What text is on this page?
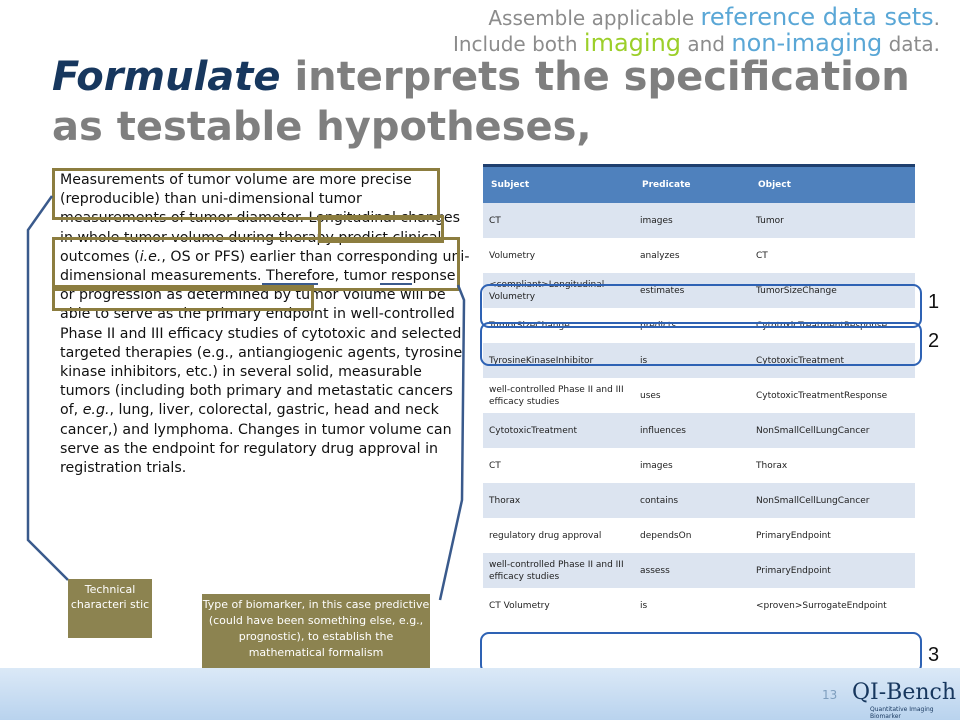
Assemble applicable reference data sets.
Include both imaging and non-imaging data.
Formulate interprets the specification as testable hypotheses,
Measurements of tumor volume are more precise (reproducible) than uni-dimensional tumor measurements of tumor diameter. Longitudinal changes in whole tumor volume during therapy predict clinical outcomes (i.e., OS or PFS) earlier than corresponding uni-dimensional measurements. Therefore, tumor response or progression as determined by tumor volume will be able to serve as the primary endpoint in well-controlled Phase II and III efficacy studies of cytotoxic and selected targeted therapies (e.g., antiangiogenic agents, tyrosine kinase inhibitors, etc.) in several solid, measurable tumors (including both primary and metastatic cancers of, e.g., lung, liver, colorectal, gastric, head and neck cancer,) and lymphoma. Changes in tumor volume can serve as the endpoint for regulatory drug approval in registration trials.
Technical characteri stic	Type of biomarker, in this case predictive (could have been something else, e.g., prognostic), to establish the mathematical formalism
Subject	Predicate	Object
CT	images	Tumor
Volumetry	analyzes	CT
<compliant>Longitudinal Volumetry	estimates	TumorSizeChange
TumorSizeChange	predicts	CytotoxicTreatmentResponse
TyrosineKinaseInhibitor	is	CytotoxicTreatment
well-controlled Phase II and III efficacy studies	uses	CytotoxicTreatmentResponse
CytotoxicTreatment	influences	NonSmallCellLungCancer
CT	images	Thorax
Thorax	contains	NonSmallCellLungCancer
regulatory drug approval	dependsOn	PrimaryEndpoint
well-controlled Phase II and III efficacy studies	assess	PrimaryEndpoint
CT Volumetry	is	<proven>SurrogateEndpoint
1
2
3
13 QI-Bench
Quantitative Imaging Biomarker
